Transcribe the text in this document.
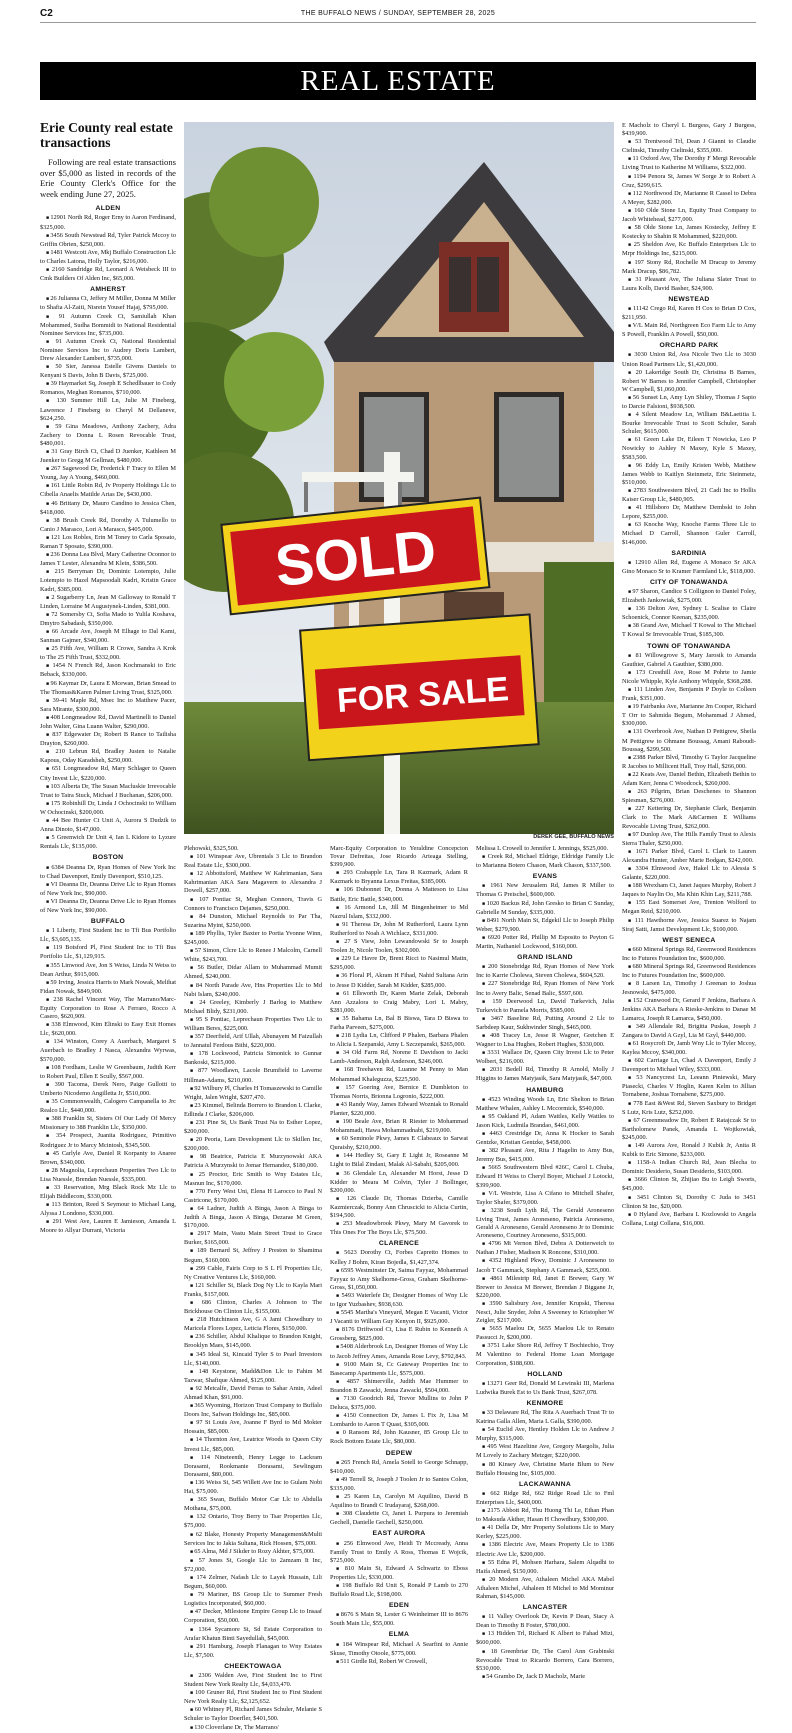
C2	THE BUFFALO NEWS / SUNDAY, SEPTEMBER 28, 2025
REAL ESTATE
Erie County real estate transactions
Following are real estate transactions over $5,000 as listed in records of the Erie County Clerk's Office for the week ending June 27, 2025.
ALDEN
■ 12901 North Rd, Roger Erny to Aaron Ferdinand, $325,000.
■ 3456 South Newstead Rd, Tyler Patrick Mccoy to Griffin Obrien, $250,000.
■ 1481 Westcott Ave, Mkj Buffalo Construction Llc to Charles Latona, Holly Taylor, $216,000.
■ 2160 Sandridge Rd, Leonard A Weisbeck III to Cmk Builders Of Alden Inc, $65,000.
AMHERST
■ 26 Julianna Ct, Jeffery M Miller, Donna M Miller to Shafia Al-Zaiti, Nisrein Yousef Hajaj, $795,000.
■ 91 Autumn Creek Ct, Samiullah Khan Mohammed, Sudha Bommidi to National Residential Nominee Services Inc, $735,000.
■ 91 Autumn Creek Ct, National Residential Nominee Services Inc to Audrey Doris Lambert, Drew Alexander Lambert, $735,000.
■ 50 Sier, Janessa Estelle Givens Daniels to Kenyani S Davis, John B Davis, $725,000.
■ 39 Haymarket Sq, Joseph E Schedlbauer to Cody Romanos, Meghan Romanos, $710,000.
■ 130 Summer Hill Ln, Julie M Fineberg, Lawrence J Fineberg to Cheryl M Dellaneve, $624,250.
■ 59 Gina Meadows, Anthony Zachery, Adra Zachery to Donna L Rosen Revocable Trust, $480,001.
■ 31 Gray Birch Ct, Chad D Juenker, Kathleen M Juenker to Gregg M Gellman, $480,000.
■ 267 Sagewood Dr, Frederick F Tracy to Ellen M Young, Jay A Young, $460,000.
■ 161 Little Robin Rd, Jv Property Holdings Llc to Cibella Anaelis Matilde Arias De, $430,000.
■ 46 Brittany Dr, Mauro Candino to Jessica Chen, $418,000.
■ 38 Brush Creek Rd, Dorothy A Tulumello to Canio J Marasco, Lori A Marasco, $405,000.
■ 121 Los Robles, Erin M Toney to Carla Sposato, Raman T Sposato, $390,000.
■ 236 Donna Lea Blvd, Mary Catherine Oconnor to James T Lester, Alexandra M Klein, $386,500.
■ 215 Berryman Dr, Dominic Lotempio, Julie Lotempio to Hazel Mapsoodali Kadri, Kristin Grace Kadri, $385,000.
■ 2 Sugarberry Ln, Jean M Galloway to Ronald T Linden, Lorraine M Augustynek-Linden, $381,000.
■ 72 Somersby Ct, Sofia Mado to Yulila Koshava, Dmytro Sabadash, $350,000.
■ 66 Arcade Ave, Joseph M Elhage to Dal Kami, Sanman Gajmer, $340,000.
■ 25 Fifth Ave, William R Crowe, Sandra A Krok to The 25 Fifth Trust, $332,000.
■ 1454 N French Rd, Jason Kochmanski to Eric Beback, $330,000.
■ 96 Kaymar Dr, Laura E Mcewan, Brian Smead to The Thomas&Karen Palmer Living Trust, $325,000.
■ 39-41 Maple Rd, Msec Inc to Matthew Pacer, Sara Mirante, $300,000.
■ 408 Longmeadow Rd, David Martinelli to Daniel John Walter, Gina Luann Walter, $290,000.
■ 837 Edgewater Dr, Robert B Rance to Tailisha Drayton, $260,000.
■ 210 Lebrun Rd, Bradley Justen to Natalie Kapous, Oday Karadsheh, $250,000.
■ 651 Longmeadow Rd, Mary Schlager to Queen City Invest Llc, $220,000.
■ 103 Alberta Dr, The Susan Macluskie Irrevocable Trust to Taira Stuck, Michael J Buchanan, $206,000.
■ 175 Robinhill Dr, Linda J Ochocinski to William W Ochocinski, $200,000.
■ 44 Bee Hunter Ct Unit A, Aurora S Dudzik to Anna Dinoto, $147,000.
■ 5 Greenwich Dr Unit 4, Ian L Kidore to Lyzure Rentals Llc, $135,000.
BOSTON
■ 6384 Deanna Dr, Ryan Homes of New York Inc to Chad Davenport, Emily Davenport, $510,125.
■ VI Deanna Dr, Deanna Drive Llc to Ryan Homes of New York Inc, $90,000.
■ VI Deanna Dr, Deanna Drive Llc to Ryan Homes of New York Inc, $90,000.
BUFFALO
■ 1 Liberty, First Student Inc to Tfi Bus Portfolio Llc, $3,605,135.
■ 119 Botsford Pl, First Student Inc to Tfi Bus Portfolio Llc, $1,129,915.
■ 355 Linwood Ave, Jon S Weiss, Linda N Weiss to Dean Arthur, $915,000.
■ 59 Irving, Jessica Harris to Mark Nowak, Melihat Fidan Nowak, $849,900.
■ 238 Rachel Vincent Way, The Marrano/Marc-Equity Corporation to Rose A Ferraro, Rocco A Casero, $620,909.
■ 338 Elmwood, Kim Elinski to Easy Exit Homes Llc, $620,000.
■ 134 Winston, Corey A Auerbach, Margaret S Auerbach to Bradley J Nasca, Alexandra Wyrwas, $570,000.
■ 108 Fordham, Leslie W Greenbaum, Judith Kerr to Robert Paul, Ellen E Scully, $567,000.
■ 390 Tacoma, Derek Nero, Paige Gullotti to Umberto Nicodemo Angilletta Jr, $510,000.
■ 35 Commonwealth, Calogero Campanella to Jrc Realco Llc, $440,000.
■ 388 Franklin St, Sisters Of Our Lady Of Mercy Missionary to 388 Franklin Llc, $350,000.
■ 354 Prospect, Juanita Rodriguez, Primitivo Rodriguez Jr to Marcy Mcintosh, $345,500.
■ 45 Carlyle Ave, Daniel R Korpanty to Anaree Brown, $340,000.
■ 28 Magnolia, Leprechaun Properties Two Llc to Lisa Nuessle, Brendan Nuessle, $335,000.
■ 33 Reservation, Mrg Black Rock Mz Llc to Elijah Biddlecom, $330,000.
■ 113 Brinton, Reed S Seymour to Michael Lang, Alyssa J Londono, $330,000.
■ 291 West Ave, Lauren E Jamieson, Amanda L Moore to Allyar Durrani, Victoria
SOLD
FOR SALE
DEREK GEE, BUFFALO NEWS
Plehowski, $325,500.
■ 101 Winspear Ave, Ubrentals 3 Llc to Brandon Real Estate Llc, $300,000.
■ 12 Abbottsford, Matthew W Kahrimanian, Sara Kahrimanian AKA Sara Magavern to Alexandra J Dowell, $257,000.
■ 107 Pontiac St, Meghan Connors, Travis G Connors to Francisco Dejames, $250,000.
■ 84 Dunston, Michael Reynolds to Par Tha, Suzarina Myint, $250,000.
■ 189 Phyllis, Tyler Baxter to Portia Yvonne Winn, $245,000.
■ 57 Simon, Clcre Llc to Renee J Malcolm, Carnell White, $243,700.
■ 56 Butler, Didar Allam to Muhammad Mumit Ahmed, $240,000.
■ 84 North Parade Ave, Hns Properties Llc to Md Nabi Islam, $240,000.
■ 24 Greeley, Kimberly J Barlog to Matthew Michael Blidy, $231,000.
■ 95 S Pontiac, Leprechaun Properties Two Llc to William Beres, $225,000.
■ 357 Deerfield, Arif Ullah, Abunayem M Faizullah to Jannatul Ferdous Bithi, $220,000.
■ 178 Lockwood, Patricia Simonick to Gunnar Bankoski, $215,000.
■ 877 Woodlawn, Lacole Brumfield to Laverne Hillman-Adams, $210,000.
■ 92 Wilbury Pl, Charles H Tomaszewski to Camille Wright, Jalen Wright, $207,470.
■ 23 Kimmel, Belinda Borrero to Brandon L Clarke, Edlinda J Clarke, $206,000.
■ 231 Pine St, Us Bank Trust Na to Esther Lopez, $200,000.
■ 20 Peoria, Lam Development Llc to Skillen Inc, $200,000.
■ 98 Beatrice, Patricia E Murzynowski AKA Patricia A Murzynski to Jomar Hernandez, $180,000.
■ 25 Proctor, Eric Smith to Wny Estates Llc, Masnun Inc, $170,000.
■ 770 Ferry West Uni, Elena H Larocco to Paul N Castricone, $170,000.
■ 64 Ladner, Judith A Binga, Jason A Binga to Judith A Binga, Jason A Binga, Dezarae M Green, $170,000.
■ 2917 Main, Vastu Main Street Trust to Grace Burker, $165,000.
■ 189 Bernard St, Jeffrey J Preston to Shamima Begum, $160,000.
■ 299 Cable, Fairis Corp to S L Fl Properties Llc, Ny Creative Ventures Llc, $160,000.
■ 121 Schiller St, Black Dog Ny Llc to Kayla Mari Franks, $157,000.
■ 686 Clinton, Charles A Johnson to The Brickhouse On Clinton Llc, $155,000.
■ 218 Hutchinson Ave, G A Jami Chowdhury to Maricela Flores Lopez, Leticia Flores, $150,000.
■ 236 Schiller, Abdul Khalique to Brandon Knight, Brooklyn Maes, $145,000.
■ 345 Ideal St, Kincaid Tyler S to Pearl Investors Llc, $140,000.
■ 148 Keystone, Madd&Don Llc to Fahim M Tazwar, Shafique Ahmed, $125,000.
■ 92 Metcalfe, David Ferras to Sahar Amin, Adeel Ahmad Khan, $91,000.
■ 365 Wyoming, Horizon Trust Company to Buffalo Doors Inc, Safwan Holdings Inc, $85,000.
■ 97 St Louis Ave, Joanne F Byrd to Md Mokter Hossain, $85,000.
■ 14 Thornton Ave, Leatrice Woods to Queen City Invest Llc, $85,000.
■ 114 Nineteenth, Henry Legge to Lackram Dorasami, Rookmanie Dorasami, Sewlingum Dorasami, $80,000.
■ 136 Weiss St, 545 Willett Ave Inc to Gulam Nobi Hai, $75,000.
■ 365 Swan, Buffalo Motor Car Llc to Abdulla Mothana, $75,000.
■ 132 Ontario, Troy Berry to Tsar Properties Llc, $75,000.
■ 62 Blake, Honesty Property Management&Multi Services Inc to Jakia Sultana, Rick Hossen, $75,000.
■ 65 Alma, Md J Sikder to Rozy Akhter, $75,000.
■ 57 Jones St, Google Llc to 2amzam It Inc, $72,000.
■ 174 Zelmer, Nafash Llc to Layek Hussain, Lili Begum, $60,000.
■ 79 Mariner, BS Group Llc to Summer Fresh Logistics Incorporated, $60,000.
■ 47 Decker, Milestone Empire Group Llc to Insaaf Corporation, $50,000.
■ 1364 Sycamore St, Sd Estate Corporation to Arafar Khatun Binti Sayedullah, $45,000.
■ 291 Hamburg, Joseph Flanagan to Wny Estates Llc, $7,500.
CHEEKTOWAGA
■ 2306 Walden Ave, First Student Inc to First Student New York Realty Llc, $4,033,470.
■ 100 Gruner Rd, First Student Inc to First Student New York Realty Llc, $2,125,652.
■ 60 Whitney Pl, Richard James Schuler, Melanie S Schuler to Taylor Doerfler, $401,500.
■ 130 Cloverlane Dr, The Marrano/
Marc-Equity Corporation to Yeraldine Concepcion Tovar Defreitas, Jose Ricardo Arteaga Stelling, $399,900.
■ 293 Crabapple Ln, Tara R Kazmark, Adam R Kazmark to Bryanna Lexus Freitas, $385,000.
■ 106 Dubonnet Dr, Donna A Matteson to Lisa Battle, Eric Battle, $340,000.
■ 16 Armond Ln, Jill M Bingenheimer to Md Nazrul Islam, $332,000.
■ 91 Theresa Dr, John M Rutherford, Laura Lynn Rutherford to Noah A Wichlacz, $331,000.
■ 27 S View, John Lewandowski Sr to Joseph Toolen Jr, Nicole Toolen, $302,000.
■ 229 Le Havre Dr, Brent Ricci to Nasimul Matin, $295,000.
■ 36 Floral Pl, Akram H Fihad, Nahid Sultana Arin to Jesse D Kidder, Sarah M Kidder, $285,000.
■ 61 Ellsworth Dr, Karen Marie Zelak, Deborah Ann Azzalora to Craig Mabry, Lori L Mabry, $281,000.
■ 35 Bahama Ln, Bal B Biswa, Tara D Biswa to Farha Parveen, $275,000.
■ 218 Lydia Ln, Clifford P Phalen, Barbara Phalen to Alicia L Szepanski, Amy L Szczepanski, $265,000.
■ 34 Old Farm Rd, Norene E Davidson to Jacki Lamb-Anderson, Ralph Anderson, $246,000.
■ 168 Treehaven Rd, Luanne M Penny to Man Mohammad Khaleguzza, $225,500.
■ 157 Goering Ave, Bernice E Dumbleton to Thomas Norris, Brionna Logronio, $222,000.
■ 43 Randy Way, James Edward Wozniak to Ronald Planter, $220,000.
■ 190 Beale Ave, Brian R Riester to Mohammad Mohammadi, Hawa Mohammadnabi, $219,000.
■ 60 Seminole Pkwy, James E Clabeaux to Sarwat Quraishy, $210,000.
■ 144 Hedley St, Gary E Light Jr, Roseanne M Light to Bilal Zindani, Malak Al-Sabahi, $205,000.
■ 36 Glendale Ln, Alexander M Horst, Jesse D Kidder to Meara M Colvin, Tyler J Bollinger, $200,000.
■ 126 Claude Dr, Thomas Dzierba, Camille Kazmierczak, Bonny Ann Chruscicki to Alicia Curtin, $194,500.
■ 253 Meadowbrook Pkwy, Mary M Gavorek to This Ones For The Boys Llc, $75,500.
CLARENCE
■ 5623 Dorothy Ct, Forbes Capretto Homes to Kelley J Bohm, Kiran Bojedla, $1,427,374.
■ 6595 Westminster Dr, Saima Fayyaz, Mohammad Fayyaz to Amy Skelhorne-Gross, Graham Skelhorne-Gross, $1,050,000.
■ 5493 Waterlefe Dr, Designer Homes of Wny Llc to Igor Yuzbashev, $938,630.
■ 5545 Martha's Vineyard, Megan E Vacanti, Victor J Vacanti to William Guy Kenyon II, $925,000.
■ 8176 Driftwood Ct, Lisa E Rubin to Kenneth A Grossberg, $825,000.
■ 5408 Alderbrook Ln, Designer Homes of Wny Llc to Jacob Jeffrey Ames, Amanda Rose Levy, $792,843.
■ 9100 Main St, Cc Gateway Properties Inc to Basecamp Apartments Llc, $575,000.
■ 4857 Shimerville, Judith Mae Hummer to Brandon B Zawacki, Jenna Zawacki, $504,000.
■ 7130 Goodrich Rd, Trevor Mullins to John P Deluca, $375,000.
■ 4150 Connection Dr, James L Fix Jr, Lisa M Lombardo to Aaron T Quast, $305,000.
■ 0 Ransom Rd, John Kausner, 85 Group Llc to Rock Bottom Estate Llc, $80,000.
DEPEW
■ 265 French Rd, Amela Sotell to George Schnapp, $410,000.
■ 49 Terrell St, Joseph J Toolen Jr to Santos Colon, $335,000.
■ 25 Karen Ln, Carolyn M Aquilino, David B Aquilino to Brandi C Irudayaraj, $268,000.
■ 308 Claudette Ct, Janet L Purpura to Jeremiah Gechell, Danielle Gechell, $250,000.
EAST AURORA
■ 256 Elmwood Ave, Heidi Tr Mccready, Anna Family Trust to Emily A Ross, Thomas E Wojcik, $725,000.
■ 810 Main St, Edward A Schwartz to Eboss Properties Llc, $330,000.
■ 198 Buffalo Rd Unit S, Ronald P Lamb to 270 Buffalo Road Llc, $198,000.
EDEN
■ 8676 S Main St, Lester G Weinheimer III to 8676 South Main Llc, $55,000.
ELMA
■ 184 Winspear Rd, Michael A Searfini to Annie Skuse, Timothy Otoole, $775,000.
■ 511 Girdle Rd, Robert W Crowell,
Melissa L Crowell to Jennifer L Jennings, $525,000.
■ Creek Rd, Michael Eldrige, Eldridge Family Llc to Marianna Botero Chason, Mark Chason, $337,500.
EVANS
■ 1961 New Jerusalem Rd, James R Miller to Thomas G Preischel, $600,000.
■ 1020 Backus Rd, John Gresko to Brian C Sunday, Gabrielle M Sunday, $335,000.
■ 8491 North Main St, Edgekil Llc to Joseph Philip Weber, $279,900.
■ 6920 Potter Rd, Phillip M Esposito to Peyton G Martin, Nathaniel Lockwood, $160,000.
GRAND ISLAND
■ 200 Stonebridge Rd, Ryan Homes of New York Inc to Karrie Cholewa, Steven Cholewa, $604,520.
■ 227 Stonebridge Rd, Ryan Homes of New York Inc to Avery Balic, Senad Balic, $597,600.
■ 159 Deerwood Ln, David Turkevich, Julia Turkevich to Pamela Morris, $585,000.
■ 3467 Baseline Rd, Putting Around 2 Llc to Sarbdeep Kaur, Sukhwinder Singh, $465,000.
■ 408 Tracey Ln, Jesse R Wagner, Gretchen E Wagner to Lisa Hughes, Robert Hughes, $330,000.
■ 3331 Wallace Dr, Queen City Invest Llc to Peter Wolbert, $216,000.
■ 2031 Bedell Rd, Timothy R Arnold, Molly J Higgins to James Matyjasik, Sara Matyjasik, $47,000.
HAMBURG
■ 4523 Winding Woods Ln, Eric Shelton to Brian Matthew Whalen, Ashley L Mccormick, $540,000.
■ 95 Oakland Pl, Adam Wattles, Kelly Wattles to Jason Kick, Ludmila Brandao, $461,000.
■ 4463 Crestridge Dr, Anna K Hocker to Sarah Gentzke, Kristian Gentzke, $458,000.
■ 382 Pleasant Ave, Rita J Hagelin to Amy Bus, Jeremy Bus, $415,000.
■ 5665 Southwestern Blvd #26C, Carol L Chuba, Edward H Weiss to Cheryl Boyer, Michael J Lotocki, $399,900.
■ V/L Westvie, Lisa A Cifano to Mitchell Shafer, Taylor Shafer, $379,000.
■ 3238 South Lyth Rd, The Gerald Aroneseno Living Trust, James Aroneseno, Patricia Aroneseno, Gerald A Aroneseno, Gerald Aroneseno Jr to Dominic Aroneseno, Courtney Aroneseno, $315,000.
■ 4796 Mt Vernon Blvd, Debra A Dotterweich to Nathan J Fisher, Madison K Roncone, $310,000.
■ 4352 Highland Pkwy, Dominic J Aroneseno to Jacob T Gammack, Stephany A Gammack, $255,000.
■ 4861 Milestrip Rd, Janet E Brewer, Gary W Brewer to Jessica M Brewer, Brendan J Biggane Jr, $220,000.
■ 3590 Salisbury Ave, Jennifer Krupski, Theresa Nesci, Julie Snyder, John A Sweeney to Kristopher W Zeigler, $217,000.
■ 5655 Maelou Dr, 5655 Maelou Llc to Renato Passucci Jr, $200,000.
■ 3751 Lake Shore Rd, Jeffrey T Bochiechio, Troy M Valentino to Federal Home Loan Mortgage Corporation, $188,600.
HOLLAND
■ 13271 Geer Rd, Donald M Lewinski III, Marlena Ludwika Burek Est to Us Bank Trust, $267,078.
KENMORE
■ 33 Delaware Rd, The Rita A Auerbach Trust Tr to Katrina Galla Allen, Maria L Galla, $390,000.
■ 54 Euclid Ave, Hentley Holden Llc to Andrew J Murphy, $315,000.
■ 495 West Hazeltine Ave, Gregory Margolis, Julia M Lovely to Zachary Metzger, $220,000.
■ 80 Kinsey Ave, Christine Marie Blum to New Buffalo Housing Inc, $105,000.
LACKAWANNA
■ 662 Ridge Rd, 662 Ridge Road Llc to Fml Enterprises Llc, $400,000.
■ 2175 Abbott Rd, Thu Huong Thi Le, Ethan Phan to Maksuda Akther, Hasan H Chowdhury, $300,000.
■ 41 Della Dr, Mrr Property Solutions Llc to Mary Kerley, $225,000.
■ 1386 Electric Ave, Mears Property Llc to 1386 Electric Ave Llc, $200,000.
■ 55 Edna Pl, Mohsen Harhara, Salem Alqadhi to Haifa Ahmed, $150,000.
■ 20 Modern Ave, Athaleen Michel AKA Mabel Athaleen Michel, Athaleen H Michel to Md Mominur Rahman, $145,000.
LANCASTER
■ 11 Valley Overlook Dr, Kevin P Dean, Stacy A Dean to Timothy B Foster, $780,000.
■ 13 Hidden Trl, Richard K Albert to Fahad Mizi, $600,000.
■ 18 Greenbriar Dr, The Carol Ann Grabinski Revocable Trust to Ricardo Borrero, Cara Borrero, $530,000.
■ 54 Grambo Dr, Jack D Macholz, Marie
E Macholz to Cheryl L Burgess, Gary J Burgess, $439,900.
■ 53 Trentwood Trl, Dean J Gianni to Claudie Cielinski, Timothy Cielinski, $355,000.
■ 11 Oxford Ave, The Dorothy F Mergi Revocable Living Trust to Katherine M Williams, $322,000.
■ 1194 Penora St, James W Sorge Jr to Robert A Cruz, $299,615.
■ 112 Northwood Dr, Marianne R Cassel to Debra A Meyer, $282,000.
■ 160 Olde Stone Ln, Equity Trust Company to Jacob Whitehead, $277,000.
■ 58 Olde Stone Ln, James Kostecky, Jeffrey E Kostecky to Shahin R Mohammed, $220,000.
■ 25 Sheldon Ave, Kc Buffalo Enterprises Llc to Mrpr Holdings Inc, $215,000.
■ 197 Stony Rd, Rochelle M Dracup to Jeremy Mark Dracup, $86,782.
■ 31 Pleasant Ave, The Juliana Slater Trust to Laura Kolb, David Basher, $24,900.
NEWSTEAD
■ 11142 Crego Rd, Karen H Cox to Brian D Cox, $211,950.
■ V/L Main Rd, Northgreen Eco Farm Llc to Amy S Powell, Franklin A Powell, $50,000.
ORCHARD PARK
■ 3030 Union Rd, Ava Nicole Two Llc to 3030 Union Road Partners Llc, $1,420,000.
■ 20 Lakeridge South Dr, Christina B Barnes, Robert W Barnes to Jennifer Campbell, Christopher W Campbell, $1,060,000.
■ 56 Sunset Ln, Amy Lyn Shiley, Thomas J Sapio to Darcie Falsioni, $938,500.
■ 4 Silent Meadow Ln, William B&Laetitia L Bourke Irrevocable Trust to Scott Schuler, Sarah Schuler, $615,000.
■ 61 Green Lake Dr, Eileen T Nowicka, Leo P Nowicky to Ashley N Maxey, Kyle S Maxey, $583,500.
■ 96 Eddy Ln, Emily Kristen Webb, Matthew James Webb to Kaitlyn Steinmetz, Eric Steinmetz, $510,000.
■ 2783 Southwestern Blvd, 21 Cadi Inc to Hollis Kaiser Group Llc, $480,905.
■ 41 Hillsboro Dr, Matthew Dembski to John Lepore, $255,000.
■ 63 Knoche Way, Knoche Farms Three Llc to Michael D Carroll, Shannon Guler Carroll, $146,000.
SARDINIA
■ 12910 Allen Rd, Eugene A Monaco Sr AKA Gino Monaco Sr to Kramer Farmland Llc, $118,000.
CITY OF TONAWANDA
■ 97 Sharon, Candice S Collignon to Daniel Foley, Elizabeth Jankowiak, $275,000.
■ 136 Delton Ave, Sydney L Scalise to Claire Schoenick, Connor Keenan, $235,000.
■ 38 Grand Ave, Michael T Kowal to The Michael T Kowal Sr Irrevocable Trust, $185,300.
TOWN OF TONAWANDA
■ 81 Willowgrove S, Mary Jarosik to Amanda Gauthier, Gabriel A Gauthier, $380,000.
■ 173 Cresthill Ave, Rose M Pohrte to Jamie Nicole Whipple, Kyle Anthony Whipple, $368,288.
■ 111 Linden Ave, Benjamin P Doyle to Colleen Frank, $351,000.
■ 19 Fairbanks Ave, Marianne Jm Cooper, Richard T Orr to Sahmida Begum, Mohammad J Ahmed, $300,000.
■ 131 Overbrook Ave, Nathan D Pettigrew, Sheila M Pettigrew to Ohmane Boussag, Amani Raboudi-Boussag, $299,500.
■ 2388 Parker Blvd, Timothy G Taylor Jacqueline R Jacobes to Millicent Hall, Troy Hall, $266,000.
■ 22 Keats Ave, Daniel Bethin, Elizabeth Bethin to Adam Kerr, Jenna C Woodcock, $260,000.
■ 263 Pilgrim, Brian Deschenes to Shannon Spiesman, $276,000.
■ 227 Kettering Dr, Stephanie Clark, Benjamin Clark to The Mark A&Carmen E Williams Revocable Living Trust, $262,000.
■ 97 Dunlop Ave, The Hills Family Trust to Alexis Sierra Thaler, $250,000.
■ 1671 Parker Blvd, Carol L Clark to Lauren Alexandra Hunter, Amber Marie Bodgan, $242,000.
■ 3304 Elmwood Ave, Hakel Llc to Alessia S Galante, $220,000.
■ 188 Wrexham Ct, Janet Jaques Murphy, Robert J Jaques to Naylin Oo, Ma Khin Khin Lay, $211,788.
■ 155 East Somerset Ave, Trenton Wolford to Megan Reid, $210,000.
■ 111 Hawthorne Ave, Jessica Suarez to Najam Siraj Satti, Jamst Development Llc, $100,000.
WEST SENECA
■ 660 Mineral Springs Rd, Greenwood Residences Inc to Futures Foundation Inc, $600,000.
■ 680 Mineral Springs Rd, Greenwood Residences Inc to Futures Foundation Inc, $600,000.
■ 8 Larsen Ln, Timothy J Greenan to Joshua Jesnowski, $475,000.
■ 152 Cranwood Dr, Gerard F Jenkins, Barbara A Jenkins AKA Barbara A Rieske-Jenkins to Danae M Lamarca, Joseph R Lamarca, $450,000.
■ 349 Allendale Rd, Brigitta Puskas, Joseph J Zangara to David A Gzyl, Lia M Gzyl, $440,000.
■ 61 Rosycroft Dr, Jamb Wny Llc to Tyler Mccoy, Kaylea Mccoy, $340,000.
■ 602 Carriage Ln, Chad A Davenport, Emily J Davenport to Michael Wiley, $333,000.
■ 53 Nancycrest Ln, Leeann Piniewski, Mary Piasecki, Charles V Hoglin, Karen Kelm to Jillian Tornabene, Joshua Tornabene, $275,000.
■ 778 East &West Rd, Steven Saxbury to Bridget S Lutz, Kris Lutz, $252,000.
■ 67 Greenmeadow Dr, Robert E Ratajczak Sr to Bartholomew Panek, Amanda L Wojtkowiak, $245,000.
■ 149 Aurora Ave, Ronald J Kubik Jr, Anita R Kubik to Eric Simone, $233,000.
■ 1158-A Indian Church Rd, Jean Blecha to Dominic Desiderio, Susan Desiderio, $103,000.
■ 3666 Clinton St, Zhijiao Bu to Leigh Sworts, $45,000.
■ 3451 Clinton St, Dorothy C Juda to 3451 Clinton St Inc, $20,000.
■ 0 Hyland Ave, Barbara L Kozlowski to Angela Collana, Luigi Collana, $16,000.
